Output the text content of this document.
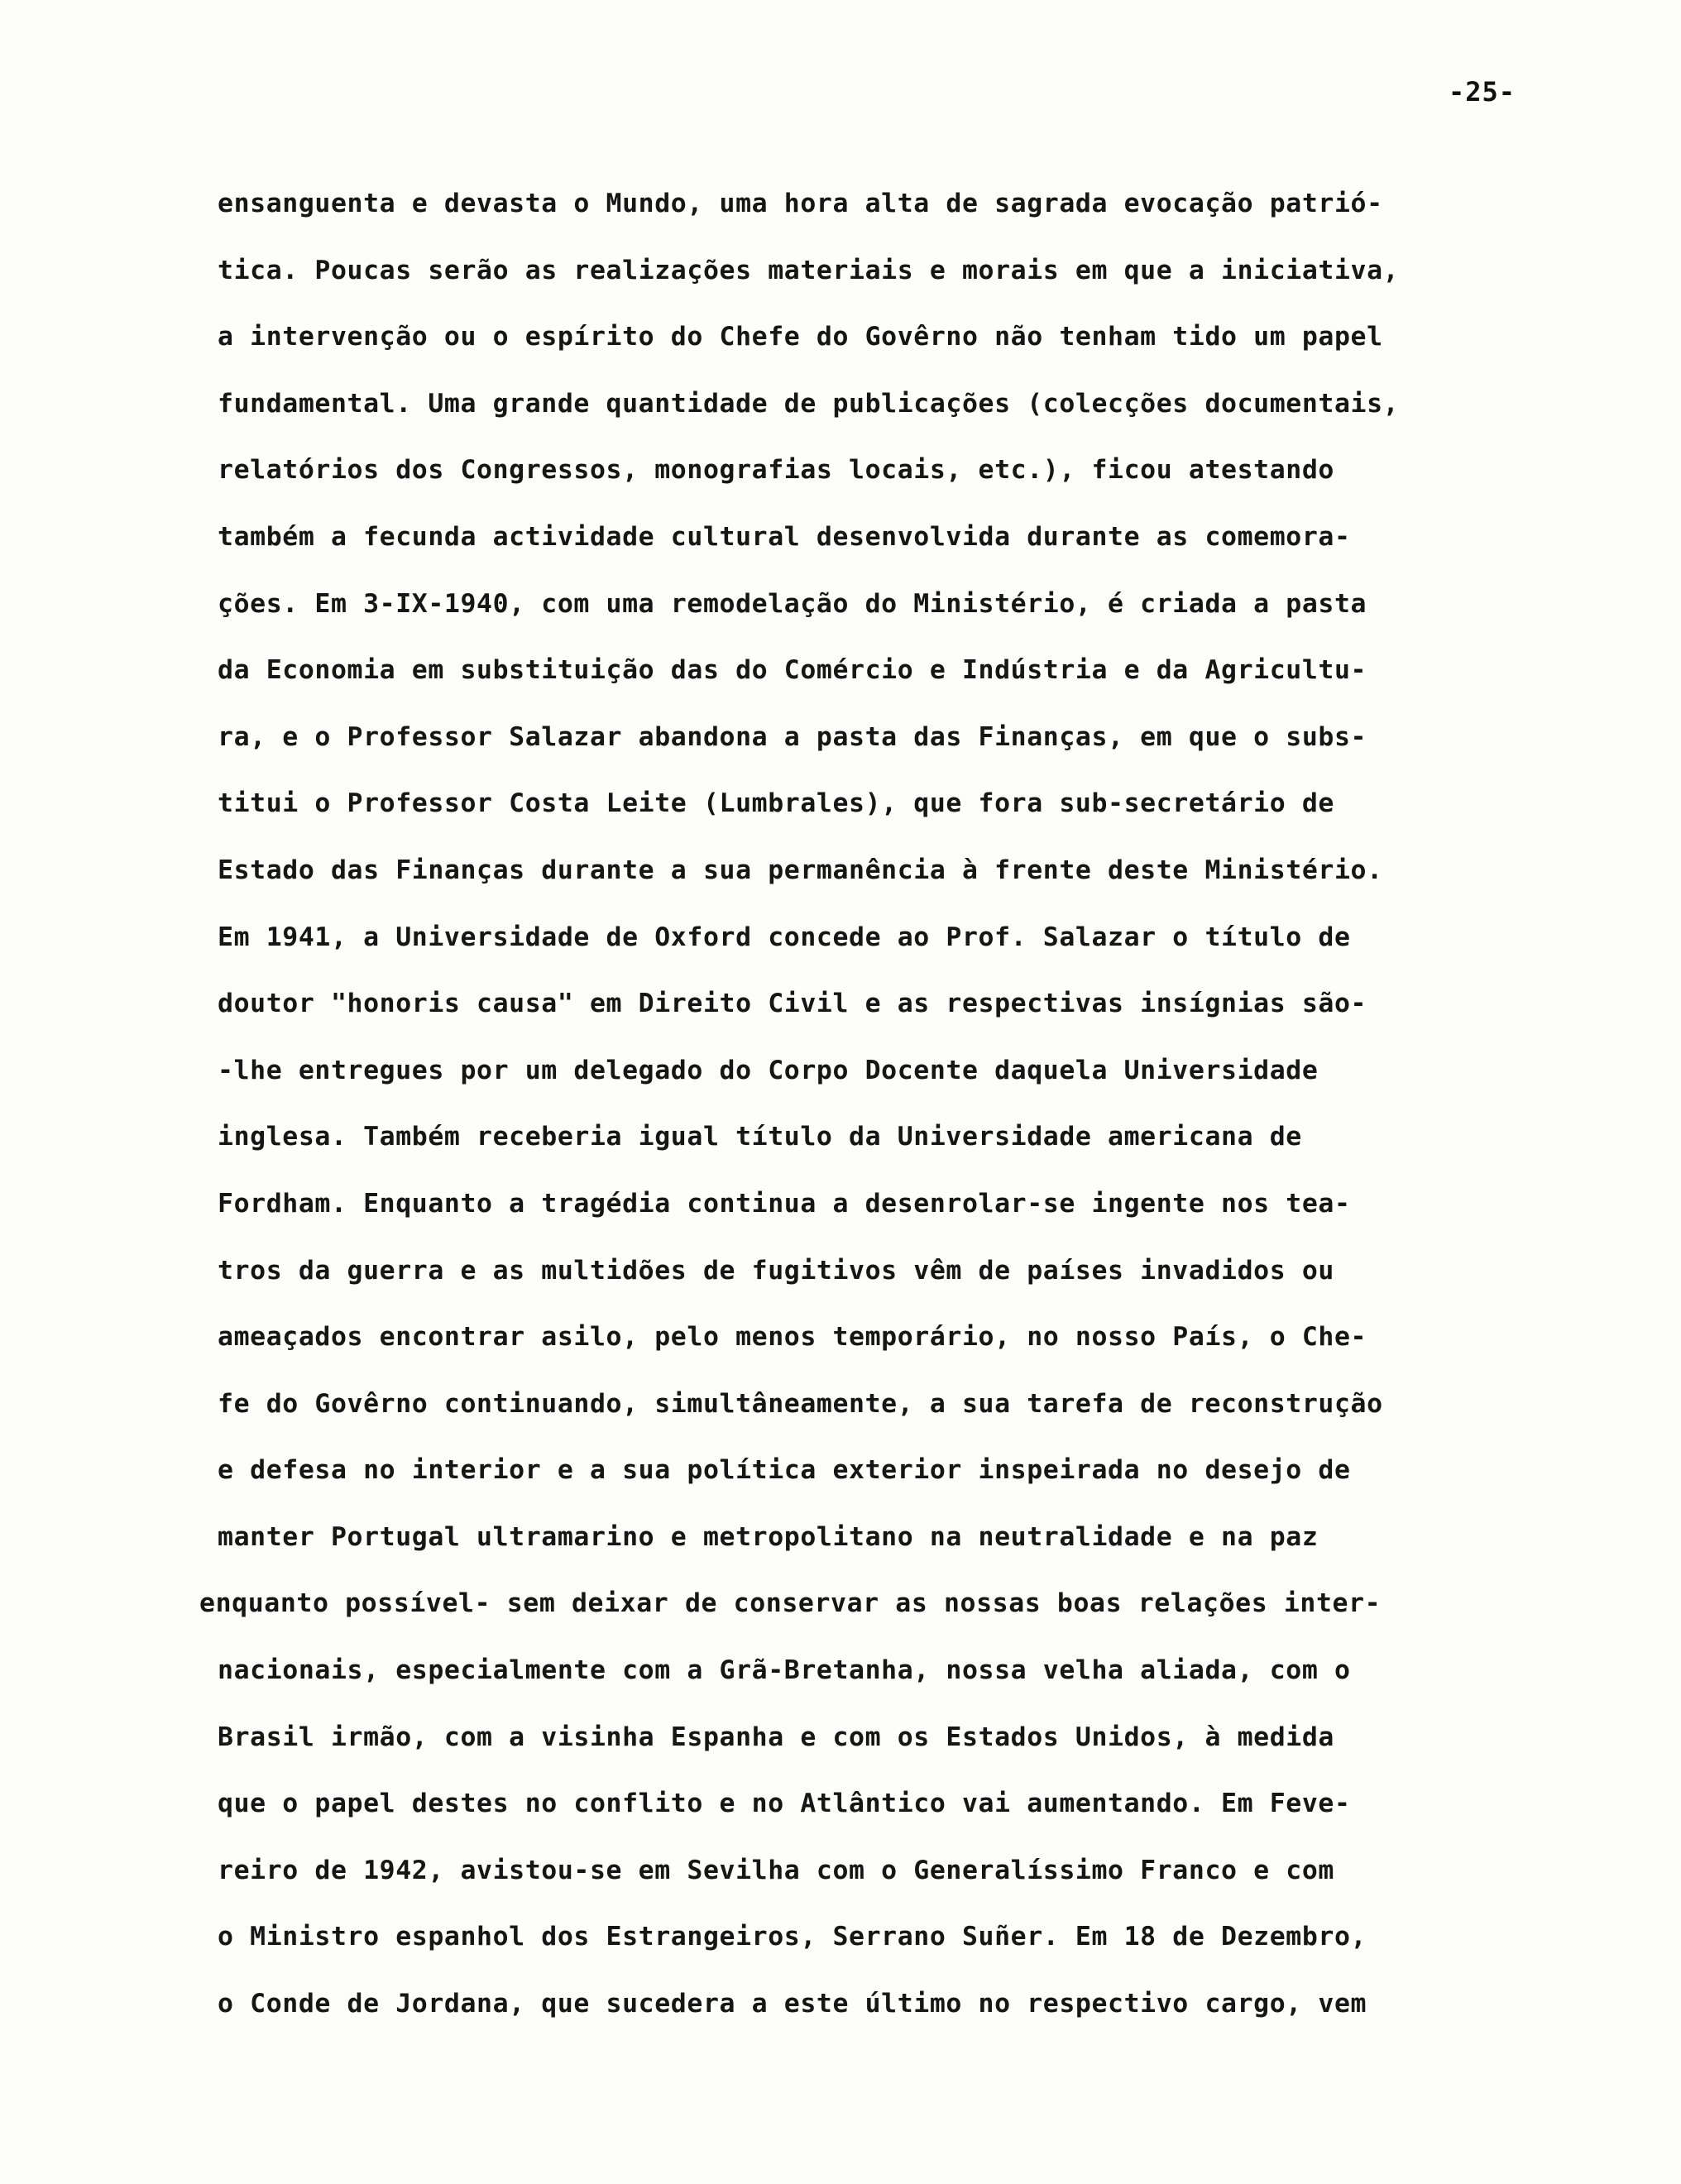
-25-
ensanguenta e devasta o Mundo, uma hora alta de sagrada evocação patrió-
tica. Poucas serão as realizações materiais e morais em que a iniciativa,
a intervenção ou o espírito do Chefe do Govêrno não tenham tido um papel
fundamental. Uma grande quantidade de publicações (colecções documentais,
relatórios dos Congressos, monografias locais, etc.), ficou atestando
também a fecunda actividade cultural desenvolvida durante as comemora-
ções. Em 3-IX-1940, com uma remodelação do Ministério, é criada a pasta
da Economia em substituição das do Comércio e Indústria e da Agricultu-
ra, e o Professor Salazar abandona a pasta das Finanças, em que o subs-
titui o Professor Costa Leite (Lumbrales), que fora sub-secretário de
Estado das Finanças durante a sua permanência à frente deste Ministério.
Em 1941, a Universidade de Oxford concede ao Prof. Salazar o título de
doutor "honoris causa" em Direito Civil e as respectivas insígnias são-
-lhe entregues por um delegado do Corpo Docente daquela Universidade
inglesa. Também receberia igual título da Universidade americana de
Fordham. Enquanto a tragédia continua a desenrolar-se ingente nos tea-
tros da guerra e as multidões de fugitivos vêm de países invadidos ou
ameaçados encontrar asilo, pelo menos temporário, no nosso País, o Che-
fe do Govêrno continuando, simultâneamente, a sua tarefa de reconstrução
e defesa no interior e a sua política exterior inspeirada no desejo de
manter Portugal ultramarino e metropolitano na neutralidade e na paz
enquanto possível- sem deixar de conservar as nossas boas relações inter-
nacionais, especialmente com a Grã-Bretanha, nossa velha aliada, com o
Brasil irmão, com a visinha Espanha e com os Estados Unidos, à medida
que o papel destes no conflito e no Atlântico vai aumentando. Em Feve-
reiro de 1942, avistou-se em Sevilha com o Generalíssimo Franco e com
o Ministro espanhol dos Estrangeiros, Serrano Suñer. Em 18 de Dezembro,
o Conde de Jordana, que sucedera a este último no respectivo cargo, vem
